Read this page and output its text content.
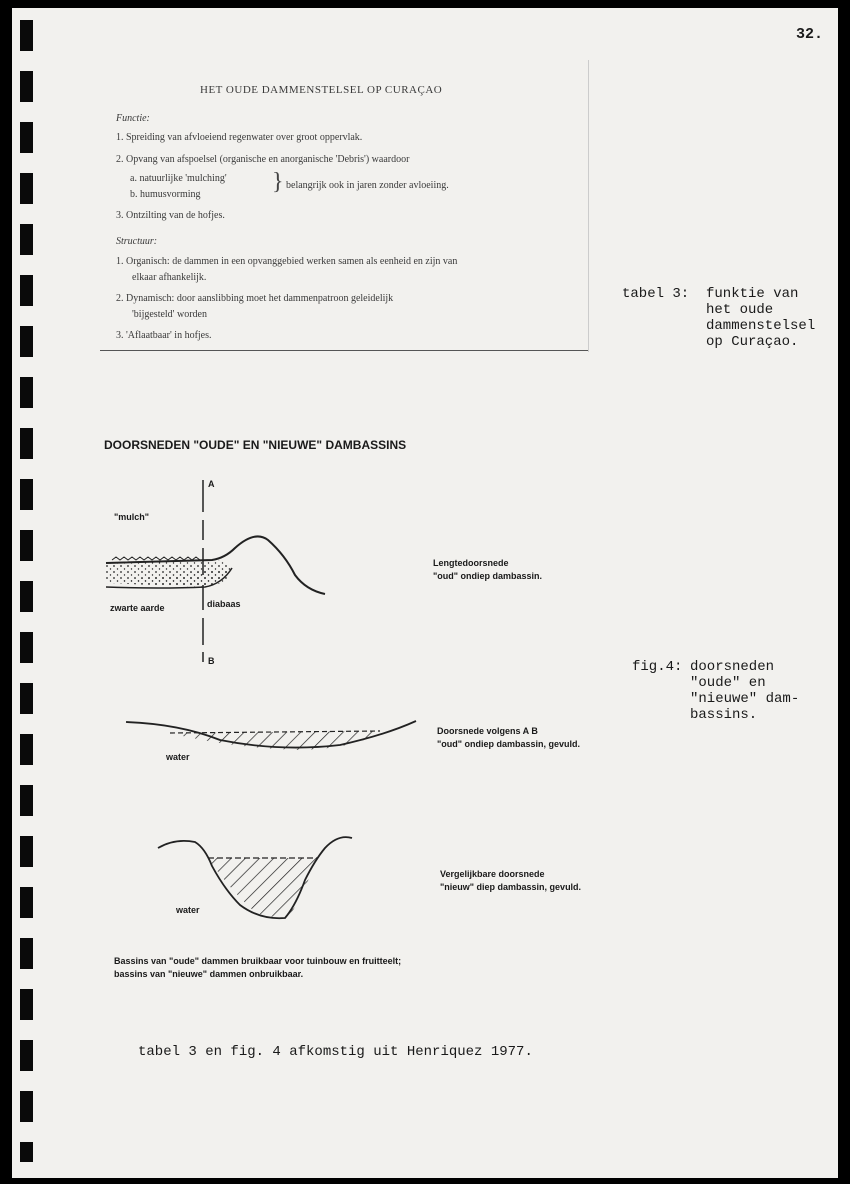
32.
HET OUDE DAMMENSTELSEL OP CURAÇAO
Functie:
1. Spreiding van afvloeiend regenwater over groot oppervlak.
2. Opvang van afspoelsel (organische en anorganische 'Debris') waardoor
a. natuurlijke 'mulching'
b. humusvorming	} belangrijk ook in jaren zonder avloeiing.
3. Ontzilting van de hofjes.
Structuur:
1. Organisch: de dammen in een opvanggebied werken samen als eenheid en zijn van
elkaar afhankelijk.
2. Dynamisch: door aanslibbing moet het dammenpatroon geleidelijk
'bijgesteld' worden
3. 'Aflaatbaar' in hofjes.
tabel 3: funktie van
het oude
dammenstelsel
op Curaçao.
DOORSNEDEN "OUDE" EN "NIEUWE" DAMBASSINS
A
B
"mulch"
zwarte aarde	diabaas
water
water
Lengtedoorsnede
"oud" ondiep dambassin.
Doorsnede volgens A B
"oud" ondiep dambassin, gevuld.
Vergelijkbare doorsnede
"nieuw" diep dambassin, gevuld.
Bassins van "oude" dammen bruikbaar voor tuinbouw en fruitteelt;
bassins van "nieuwe" dammen onbruikbaar.
fig.4: doorsneden
"oude" en
"nieuwe" dam-
bassins.
tabel 3 en fig. 4 afkomstig uit Henriquez 1977.
